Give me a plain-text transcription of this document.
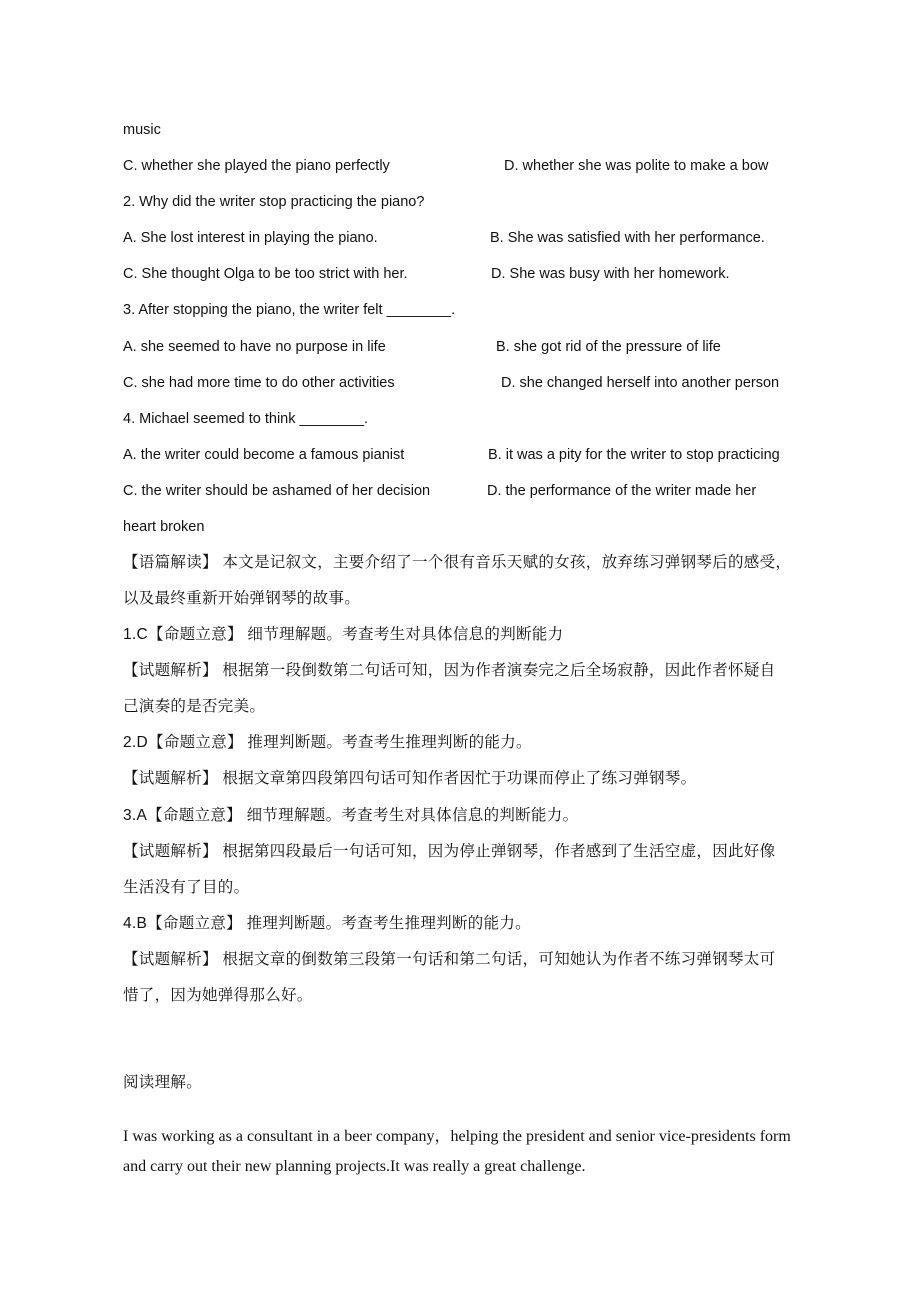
music
C. whether she played the piano perfectly	D. whether she was polite to make a bow
2. Why did the writer stop practicing the piano?
A. She lost interest in playing the piano.	B. She was satisfied with her performance.
C. She thought Olga to be too strict with her.	D. She was busy with her homework.
3. After stopping the piano, the writer felt ________.
A. she seemed to have no purpose in life	B. she got rid of the pressure of life
C. she had more time to do other activities	D. she changed herself into another person
4. Michael seemed to think ________.
A. the writer could become a famous pianist	B. it was a pity for the writer to stop practicing
C. the writer should be ashamed of her decision	D. the performance of the writer made her
heart broken
【语篇解读】 本文是记叙文，主要介绍了一个很有音乐天赋的女孩，放弃练习弹钢琴后的感受，
以及最终重新开始弹钢琴的故事。
1.C【命题立意】 细节理解题。考查考生对具体信息的判断能力
【试题解析】 根据第一段倒数第二句话可知，因为作者演奏完之后全场寂静，因此作者怀疑自
己演奏的是否完美。
2.D【命题立意】 推理判断题。考查考生推理判断的能力。
【试题解析】 根据文章第四段第四句话可知作者因忙于功课而停止了练习弹钢琴。
3.A【命题立意】 细节理解题。考查考生对具体信息的判断能力。
【试题解析】 根据第四段最后一句话可知，因为停止弹钢琴，作者感到了生活空虚，因此好像
生活没有了目的。
4.B【命题立意】 推理判断题。考查考生推理判断的能力。
【试题解析】 根据文章的倒数第三段第一句话和第二句话，可知她认为作者不练习弹钢琴太可
惜了，因为她弹得那么好。
阅读理解。
I was working as a consultant in a beer company，helping the president and senior vice-presidents form
and carry out their new planning projects.It was really a great challenge.
